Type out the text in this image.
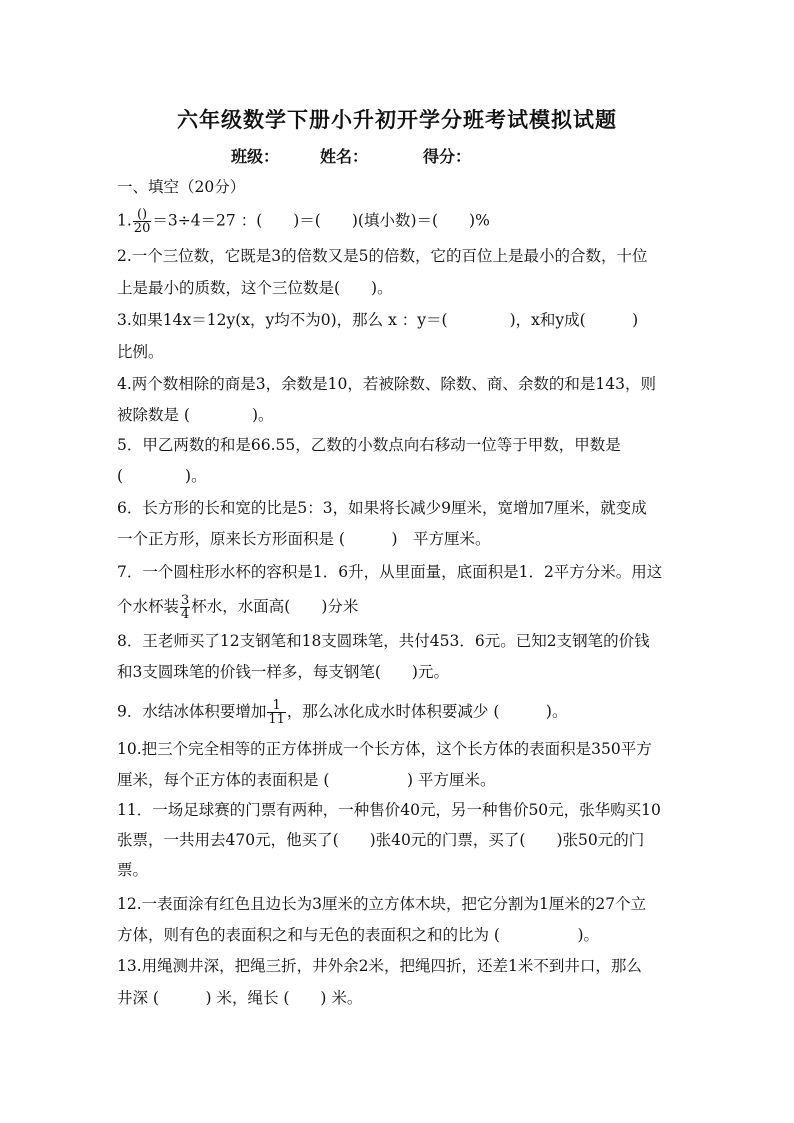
六年级数学下册小升初开学分班考试模拟试题
班级：	姓名：	得分：
一、填空（20分）
1. $\frac{()}{20} =3\div 4=27$ ：(　　)＝(　　)(填小数)＝(　　)%
2.一个三位数，它既是3的倍数又是5的倍数，它的百位上是最小的合数，十位
上是最小的质数，这个三位数是(　　)。
3.如果14x＝12y(x，y均不为0)，那么 x ：y＝(　　　　)，x和y成(　　　)
比例。
4.两个数相除的商是3，余数是10，若被除数、除数、商、余数的和是143，则
被除数是 (　　　　)。
5．甲乙两数的和是66.55，乙数的小数点向右移动一位等于甲数，甲数是
(　　　　)。
6．长方形的长和宽的比是5：3，如果将长减少9厘米，宽增加7厘米，就变成
一个正方形，原来长方形面积是 (　　　)　平方厘米。
7．一个圆柱形水杯的容积是1．6升，从里面量，底面积是1．2平方分米。用这
个水杯装 $\frac{3}{4}$ 杯水，水面高(　　)分米
8．王老师买了12支钢笔和18支圆珠笔，共付453．6元。已知2支钢笔的价钱
和3支圆珠笔的价钱一样多，每支钢笔(　　)元。
9．水结冰体积要增加 $\frac{1}{11}$ ，那么冰化成水时体积要减少 (　　　)。
10.把三个完全相等的正方体拼成一个长方体，这个长方体的表面积是350平方
厘米，每个正方体的表面积是 (　　　　　) 平方厘米。
11．一场足球赛的门票有两种，一种售价40元，另一种售价50元，张华购买10
张票，一共用去470元，他买了(　　)张40元的门票，买了(　　)张50元的门
票。
12.一表面涂有红色且边长为3厘米的立方体木块，把它分割为1厘米的27个立
方体，则有色的表面积之和与无色的表面积之和的比为 (　　　　　)。
13.用绳测井深，把绳三折，井外余2米，把绳四折，还差1米不到井口，那么
井深 (　　　) 米，绳长 (　　) 米。
